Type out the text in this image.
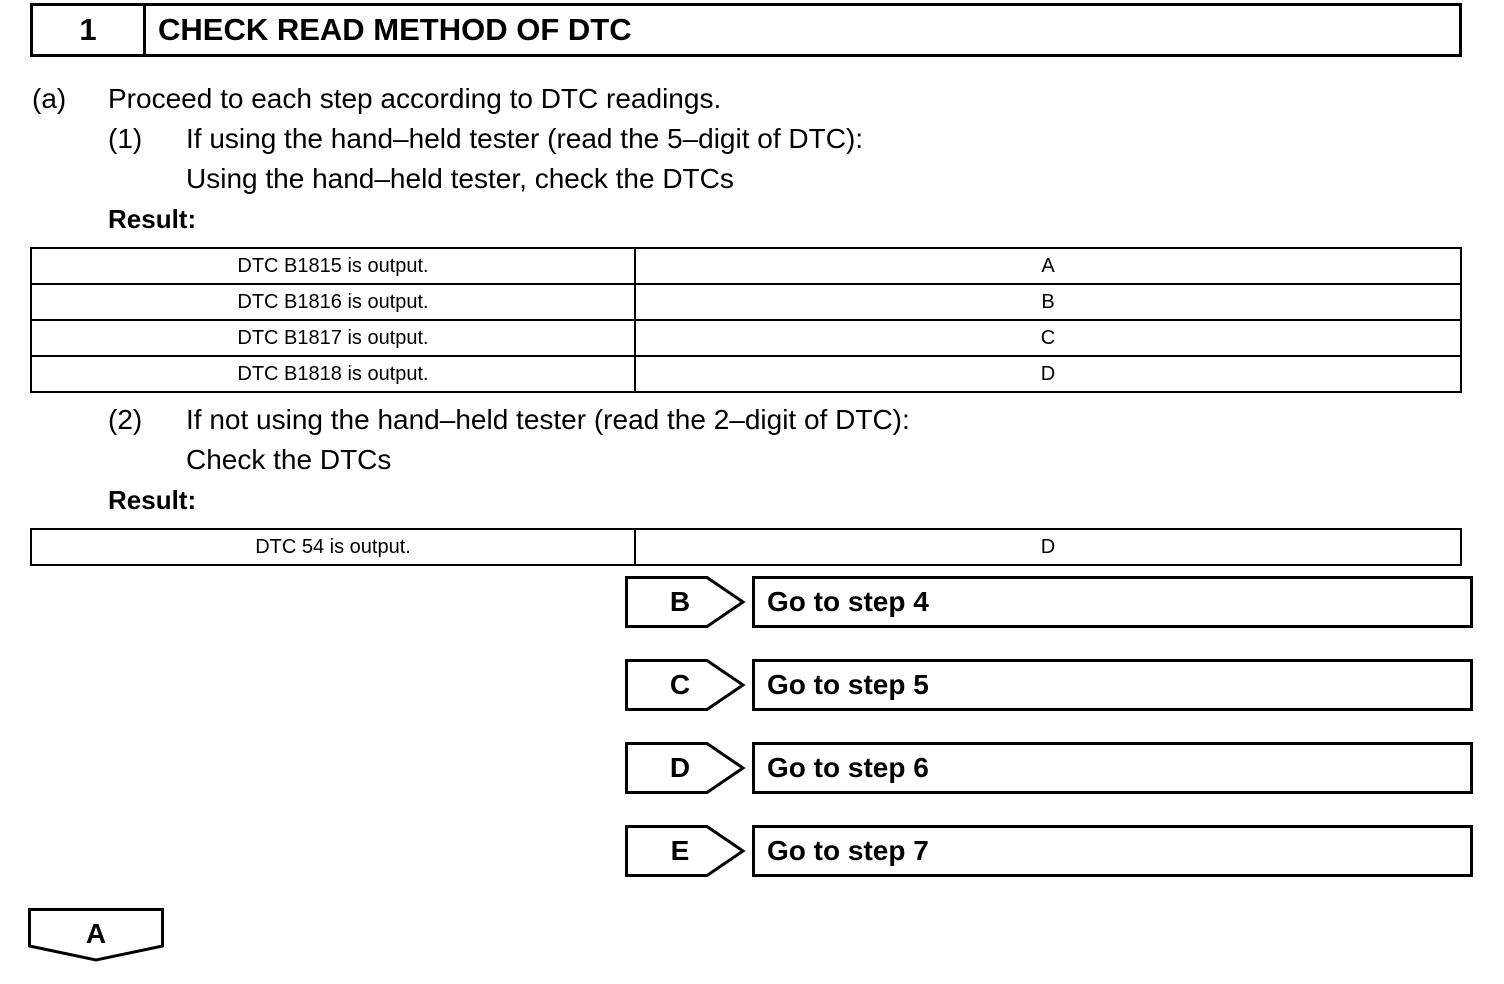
1	CHECK READ METHOD OF DTC
(a) Proceed to each step according to DTC readings.
(1) If using the hand–held tester (read the 5–digit of DTC):
Using the hand–held tester, check the DTCs
Result:
DTC B1815 is output.	A
DTC B1816 is output.	B
DTC B1817 is output.	C
DTC B1818 is output.	D
(2) If not using the hand–held tester (read the 2–digit of DTC):
Check the DTCs
Result:
DTC 54 is output.	D
B	Go to step 4
C	Go to step 5
D	Go to step 6
E	Go to step 7
A
